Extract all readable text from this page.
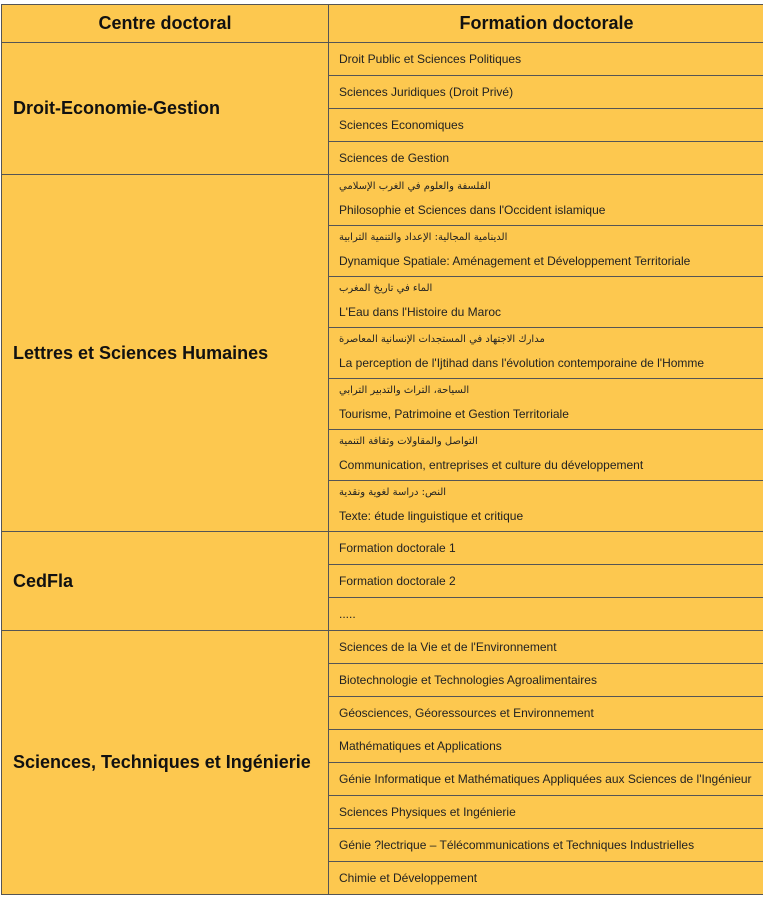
Centre doctoral	Formation doctorale
Droit-Economie-Gestion	Droit Public et Sciences Politiques
	Sciences Juridiques (Droit Privé)
	Sciences Economiques
	Sciences de Gestion
Lettres et Sciences Humaines	الفلسفة والعلوم في الغرب الإسلامي
Philosophie et Sciences dans l'Occident islamique

	الدينامية المجالية: الإعداد والتنمية الترابية
Dynamique Spatiale: Aménagement et Développement Territoriale

	الماء في تاريخ المغرب
L'Eau dans l'Histoire du Maroc

	مدارك الاجتهاد في المستجدات الإنسانية المعاصرة
La perception de l'Ijtihad dans l'évolution contemporaine de l'Homme

	السياحة، التراث والتدبير الترابي
Tourisme, Patrimoine et Gestion Territoriale

	التواصل والمقاولات وثقافة التنمية
Communication, entreprises et culture du développement

	النص: دراسة لغوية ونقدية
Texte: étude linguistique et critique

CedFla	Formation doctorale 1
	Formation doctorale 2
	.....
Sciences, Techniques et Ingénierie	Sciences de la Vie et de l'Environnement
	Biotechnologie et Technologies Agroalimentaires
	Géosciences, Géoressources et Environnement
	Mathématiques et Applications
	Génie Informatique et Mathématiques Appliquées aux Sciences de l'Ingénieur
	Sciences Physiques et Ingénierie
	Génie ?lectrique – Télécommunications et Techniques Industrielles
	Chimie et Développement
